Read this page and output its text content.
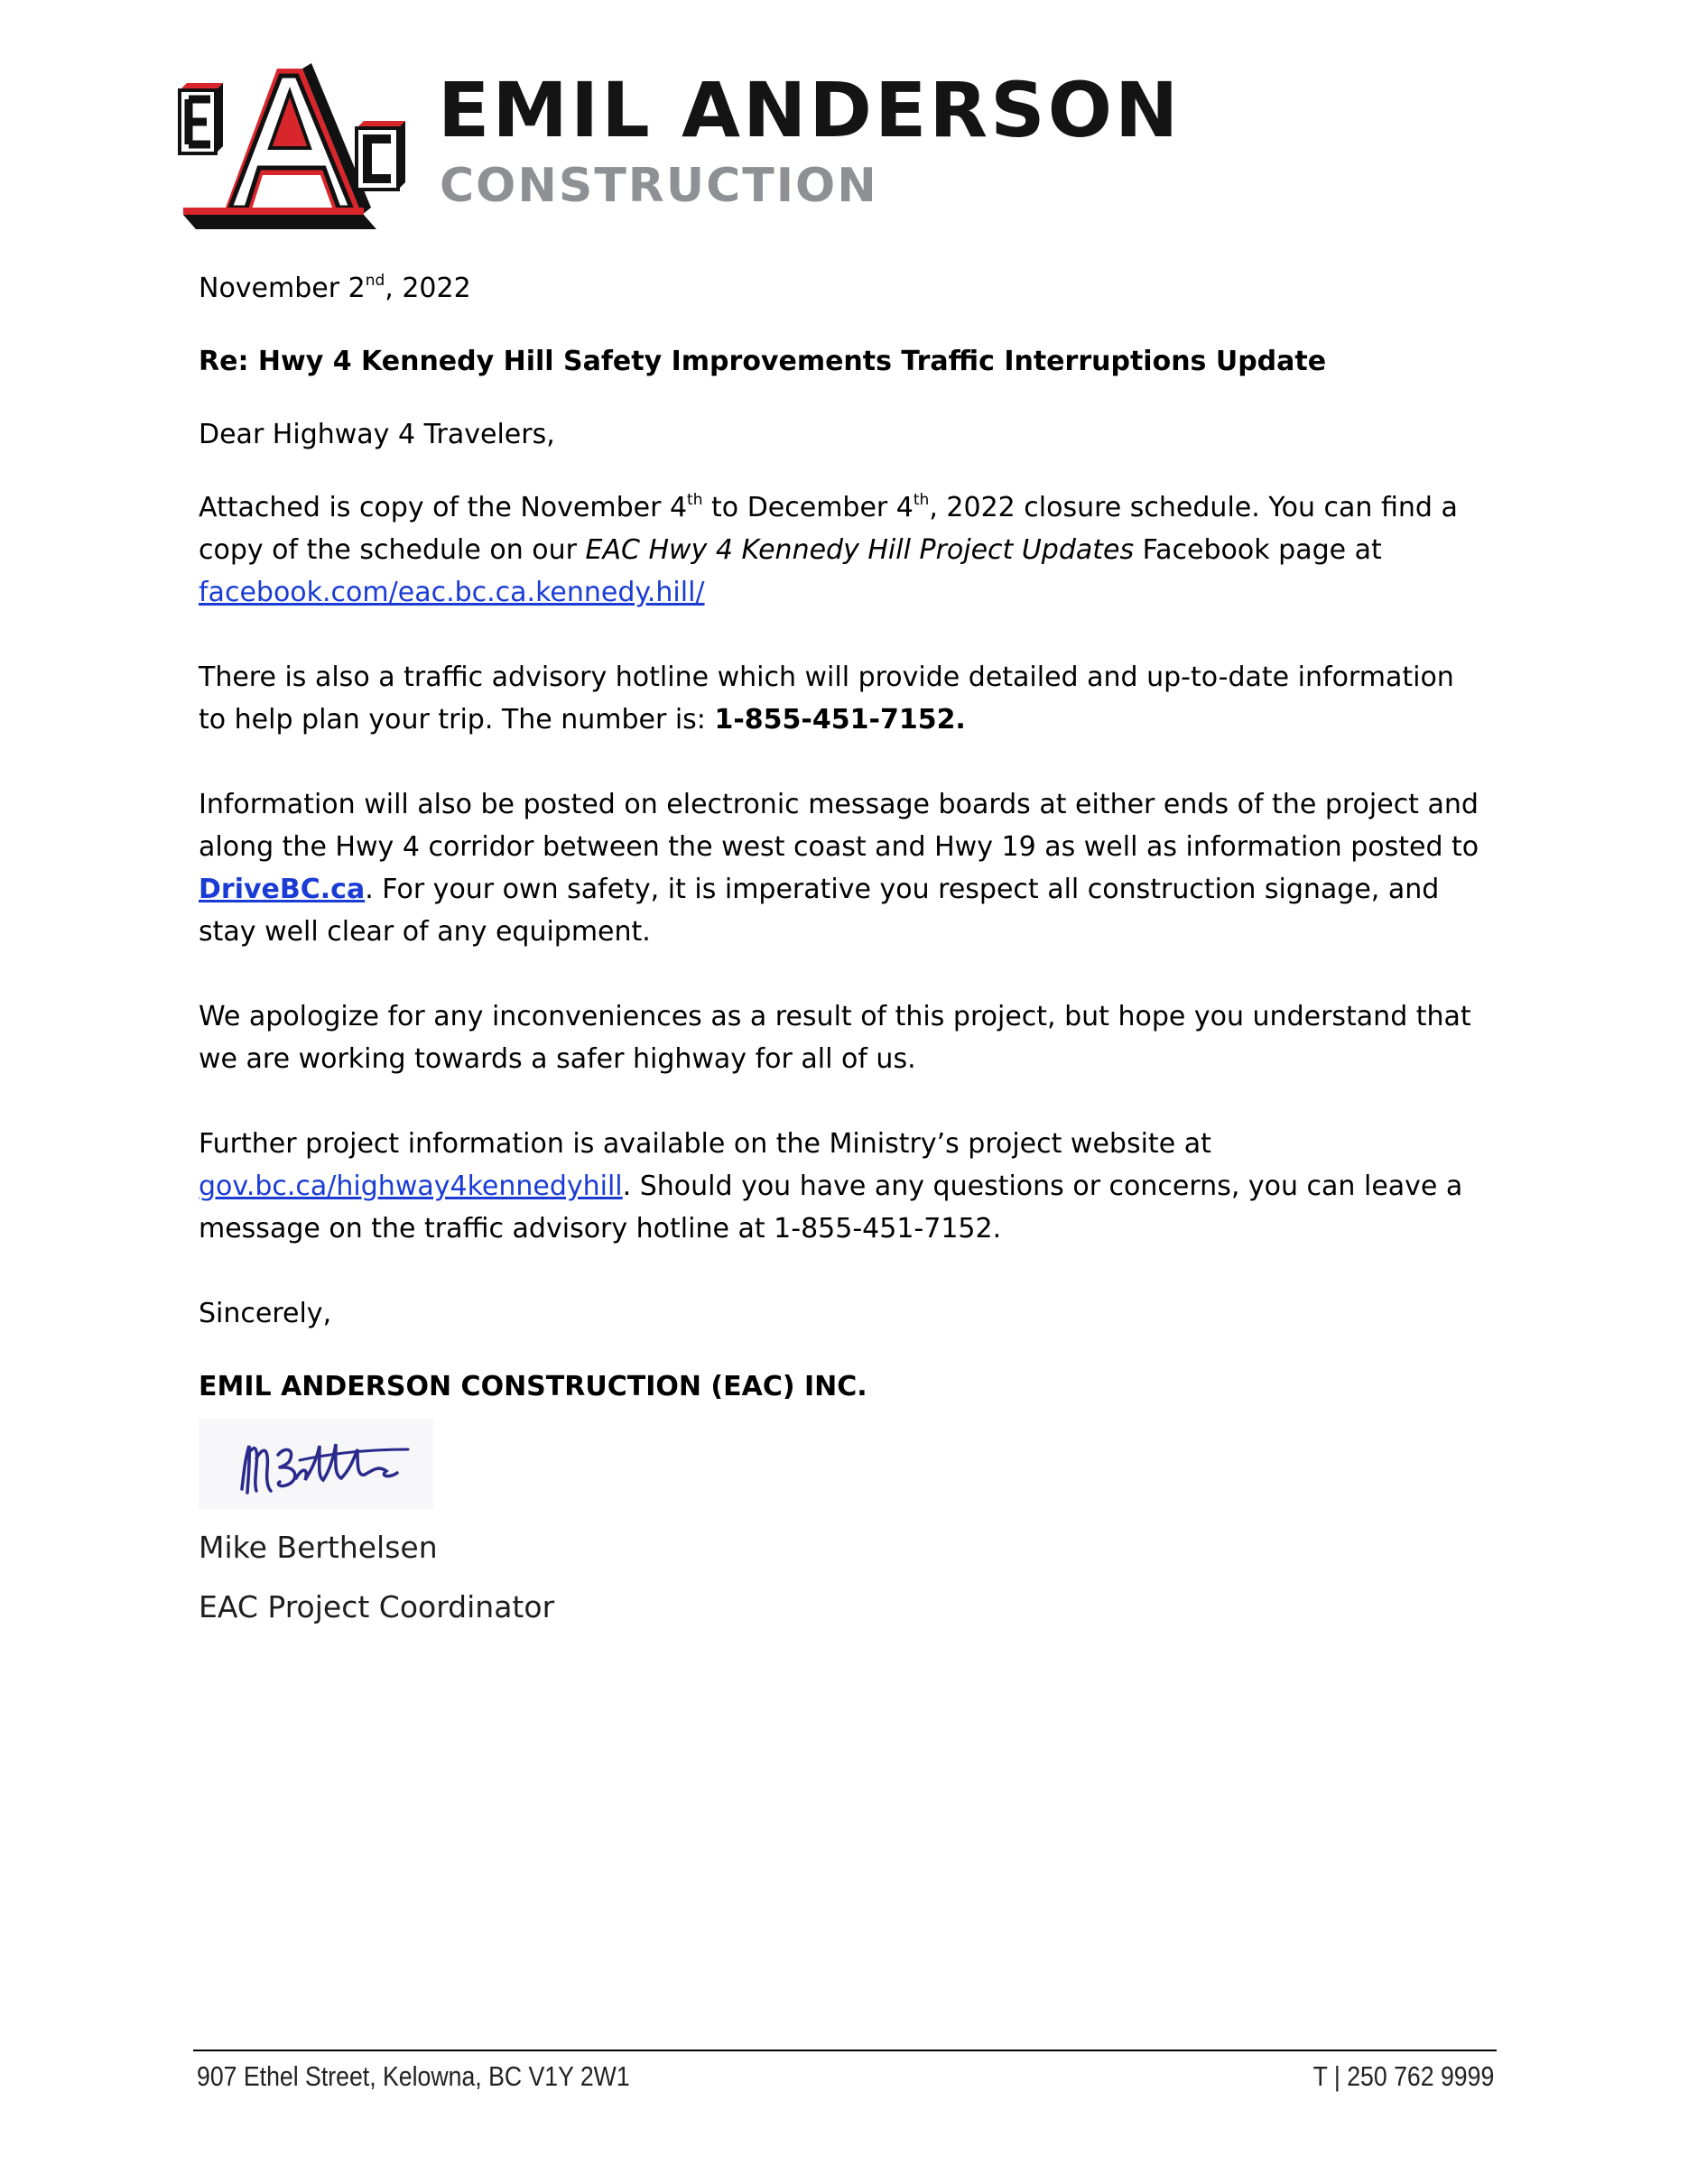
EMIL ANDERSON
CONSTRUCTION

November 2nd, 2022

Re: Hwy 4 Kennedy Hill Safety Improvements Traffic Interruptions Update

Dear Highway 4 Travelers,

Attached is copy of the November 4th to December 4th, 2022 closure schedule. You can find a copy of the schedule on our EAC Hwy 4 Kennedy Hill Project Updates Facebook page at
facebook.com/eac.bc.ca.kennedy.hill/

There is also a traffic advisory hotline which will provide detailed and up-to-date information to help plan your trip. The number is: 1-855-451-7152.

Information will also be posted on electronic message boards at either ends of the project and along the Hwy 4 corridor between the west coast and Hwy 19 as well as information posted to DriveBC.ca. For your own safety, it is imperative you respect all construction signage, and stay well clear of any equipment.

We apologize for any inconveniences as a result of this project, but hope you understand that we are working towards a safer highway for all of us.

Further project information is available on the Ministry’s project website at gov.bc.ca/highway4kennedyhill. Should you have any questions or concerns, you can leave a message on the traffic advisory hotline at 1-855-451-7152.

Sincerely,

EMIL ANDERSON CONSTRUCTION (EAC) INC.

Mike Berthelsen
EAC Project Coordinator
907 Ethel Street, Kelowna, BC V1Y 2W1	T | 250 762 9999
